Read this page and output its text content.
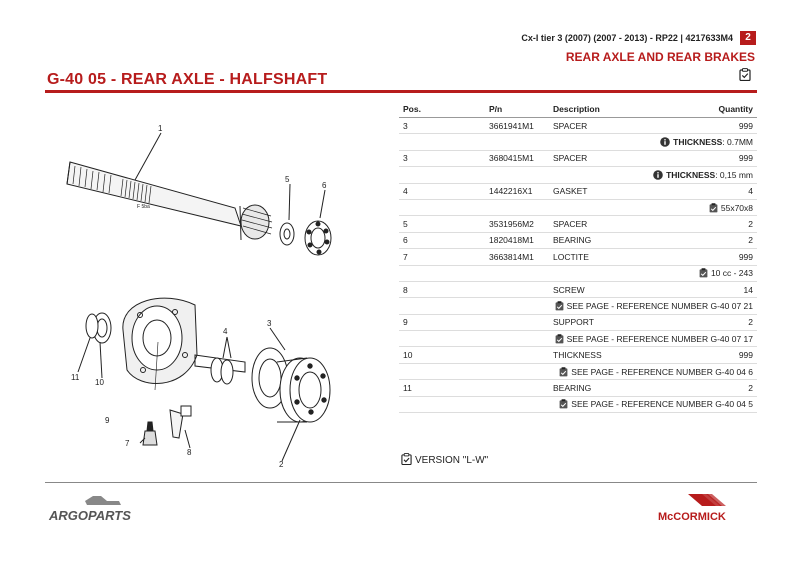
Cx-I tier 3 (2007) (2007 - 2013) - RP22 | 4217633M4	2
REAR AXLE AND REAR BRAKES
G-40 05 - REAR AXLE - HALFSHAFT
1
5
6
3
4
11
10
9
8
7
2
F 5ba
Pos.	P/n	Description	Quantity
3	3661941M1	SPACER	999
THICKNESS: 0.7MM			
3	3680415M1	SPACER	999
THICKNESS: 0,15 mm			
4	1442216X1	GASKET	4
55x70x8			
5	3531956M2	SPACER	2
6	1820418M1	BEARING	2
7	3663814M1	LOCTITE	999
10 cc - 243			
8		SCREW	14
SEE PAGE - REFERENCE NUMBER G-40 07 21			
9		SUPPORT	2
SEE PAGE - REFERENCE NUMBER G-40 07 17			
10		THICKNESS	999
SEE PAGE - REFERENCE NUMBER G-40 04 6			
11		BEARING	2
SEE PAGE - REFERENCE NUMBER G-40 04 5			
VERSION "L-W"
ARGOPARTS	McCORMICK
